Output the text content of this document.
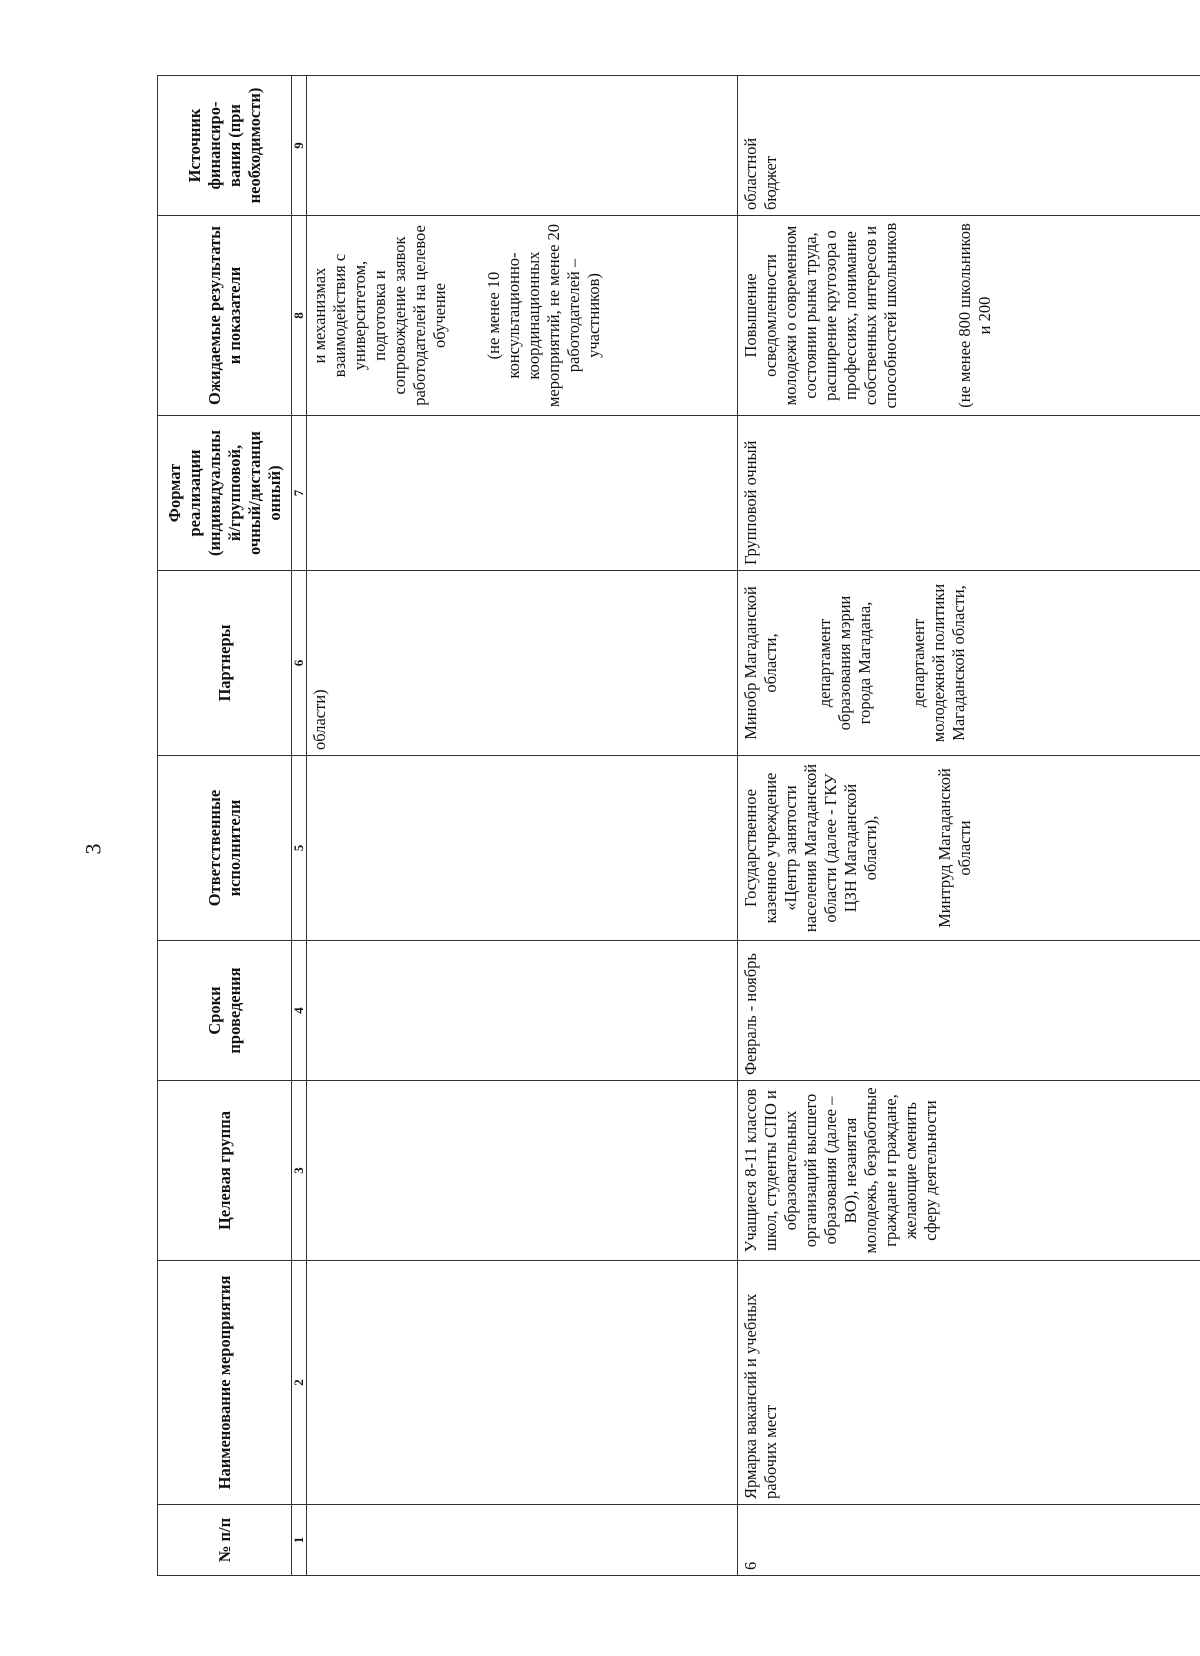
3
№ п/п	Наименование мероприятия	Целевая группа	Сроки проведения	Ответственные исполнители	Партнеры	Формат реализации (индивидуальны й/групповой, очный/дистанци онный)	Ожидаемые результаты и показатели	Источник финансиро-вания (при необходимости)
1	2	3	4	5	6	7	8	9
					области)		и механизмах взаимодействия с университетом, подготовка и сопровождение заявок работодателей на целевое обучение (не менее 10 консультационно-координационных мероприятий, не менее 20 работодателей – участников)	
6	Ярмарка вакансий и учебных рабочих мест	Учащиеся 8-11 классов школ, студенты СПО и образовательных организаций высшего образования (далее – ВО), незанятая молодежь, безработные граждане и граждане, желающие сменить сферу деятельности	Февраль - ноябрь	Государственное казенное учреждение «Центр занятости населения Магаданской области (далее - ГКУ ЦЗН Магаданской области), Минтруд Магаданской области	Минобр Магаданской области, департамент образования мэрии города Магадана, департамент молодежной политики Магаданской области,	Групповой очный	Повышение осведомленности молодежи о современном состоянии рынка труда, расширение кругозора о профессиях, понимание собственных интересов и способностей школьников (не менее 800 школьников и 200	областной бюджет
